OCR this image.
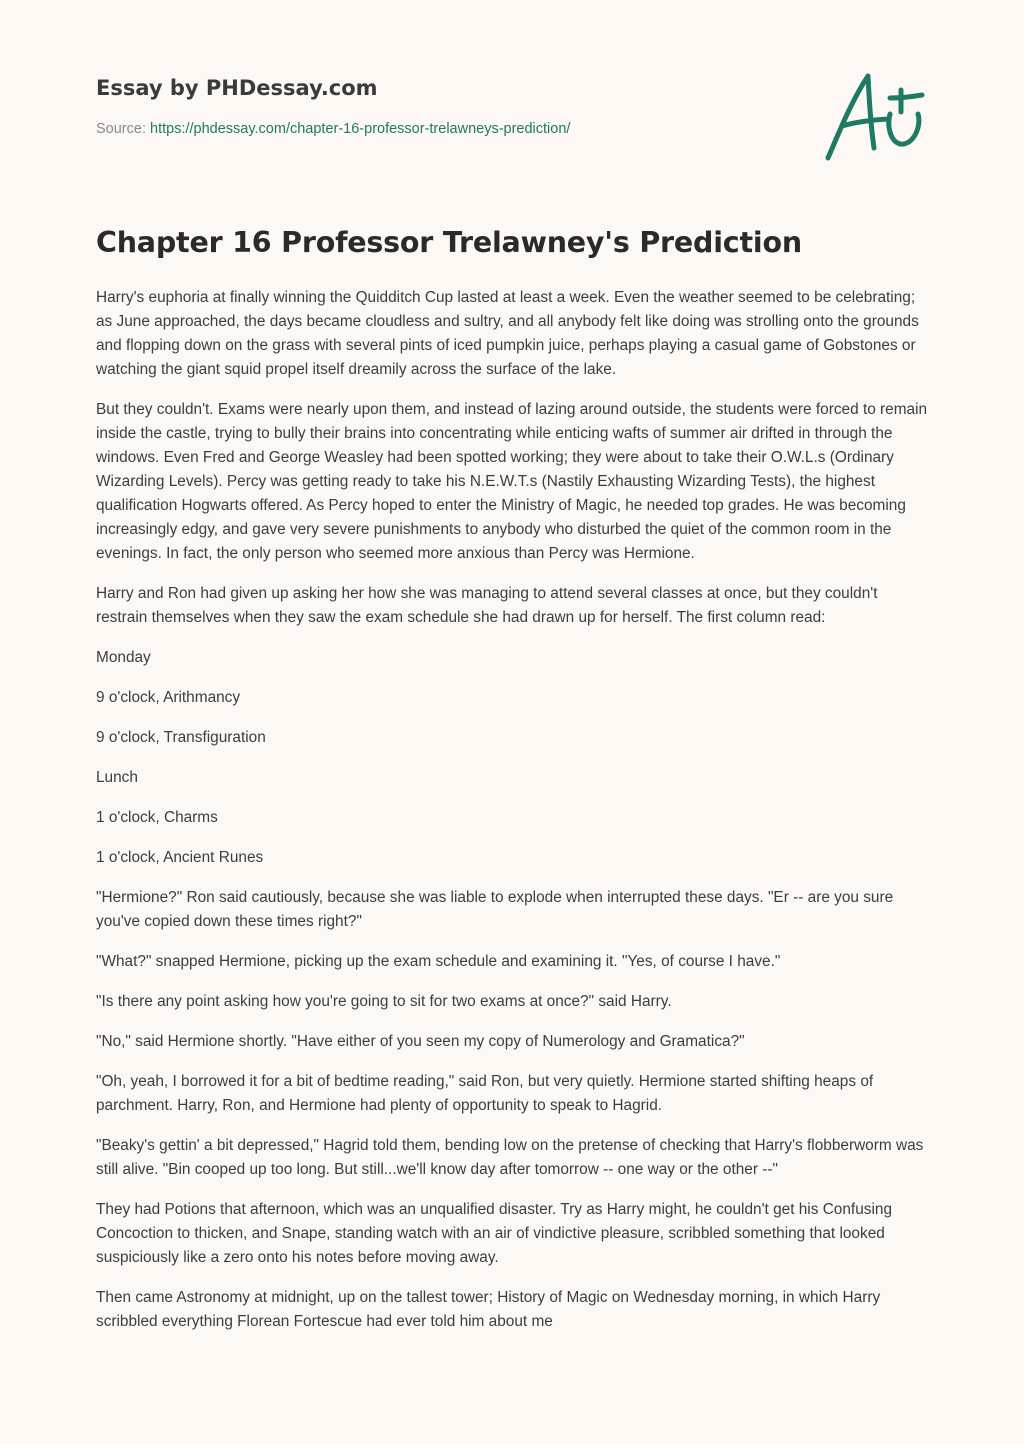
Essay by PHDessay.com
Source: https://phdessay.com/chapter-16-professor-trelawneys-prediction/
Chapter 16 Professor Trelawney's Prediction

Harry's euphoria at finally winning the Quidditch Cup lasted at least a week. Even the weather seemed to be celebrating; as June approached, the days became cloudless and sultry, and all anybody felt like doing was strolling onto the grounds and flopping down on the grass with several pints of iced pumpkin juice, perhaps playing a casual game of Gobstones or watching the giant squid propel itself dreamily across the surface of the lake.

But they couldn't. Exams were nearly upon them, and instead of lazing around outside, the students were forced to remain inside the castle, trying to bully their brains into concentrating while enticing wafts of summer air drifted in through the windows. Even Fred and George Weasley had been spotted working; they were about to take their O.W.L.s (Ordinary Wizarding Levels). Percy was getting ready to take his N.E.W.T.s (Nastily Exhausting Wizarding Tests), the highest qualification Hogwarts offered. As Percy hoped to enter the Ministry of Magic, he needed top grades. He was becoming increasingly edgy, and gave very severe punishments to anybody who disturbed the quiet of the common room in the evenings. In fact, the only person who seemed more anxious than Percy was Hermione.

Harry and Ron had given up asking her how she was managing to attend several classes at once, but they couldn't restrain themselves when they saw the exam schedule she had drawn up for herself. The first column read:

Monday

9 o'clock, Arithmancy

9 o'clock, Transfiguration

Lunch

1 o'clock, Charms

1 o'clock, Ancient Runes

"Hermione?" Ron said cautiously, because she was liable to explode when interrupted these days. "Er -- are you sure you've copied down these times right?"

"What?" snapped Hermione, picking up the exam schedule and examining it. "Yes, of course I have."

"Is there any point asking how you're going to sit for two exams at once?" said Harry.

"No," said Hermione shortly. "Have either of you seen my copy of Numerology and Gramatica?"

"Oh, yeah, I borrowed it for a bit of bedtime reading," said Ron, but very quietly. Hermione started shifting heaps of parchment. Harry, Ron, and Hermione had plenty of opportunity to speak to Hagrid.

"Beaky's gettin' a bit depressed," Hagrid told them, bending low on the pretense of checking that Harry's flobberworm was still alive. "Bin cooped up too long. But still...we'll know day after tomorrow -- one way or the other --"

They had Potions that afternoon, which was an unqualified disaster. Try as Harry might, he couldn't get his Confusing Concoction to thicken, and Snape, standing watch with an air of vindictive pleasure, scribbled something that looked suspiciously like a zero onto his notes before moving away.

Then came Astronomy at midnight, up on the tallest tower; History of Magic on Wednesday morning, in which Harry scribbled everything Florean Fortescue had ever told him about me
